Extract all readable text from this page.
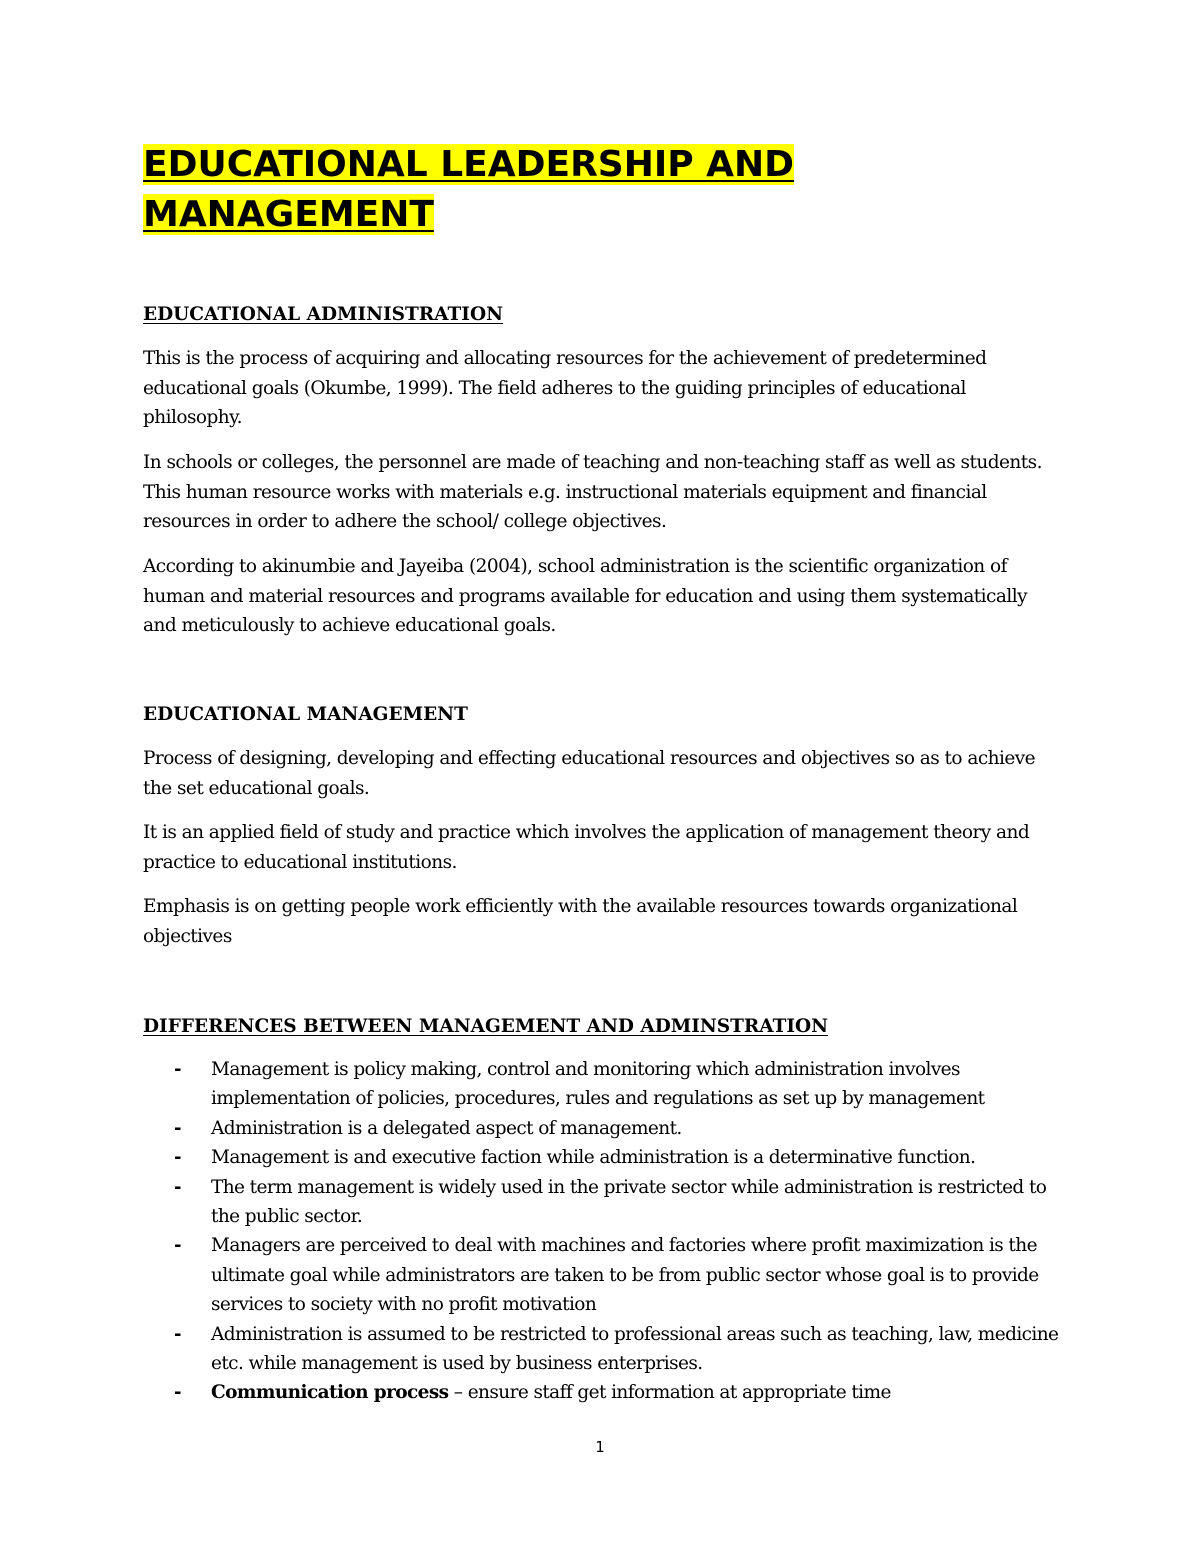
EDUCATIONAL LEADERSHIP AND MANAGEMENT
EDUCATIONAL ADMINISTRATION

This is the process of acquiring and allocating resources for the achievement of predetermined educational goals (Okumbe, 1999). The field adheres to the guiding principles of educational philosophy.

In schools or colleges, the personnel are made of teaching and non-teaching staff as well as students. This human resource works with materials e.g. instructional materials equipment and financial resources in order to adhere the school/ college objectives.

According to akinumbie and Jayeiba (2004), school administration is the scientific organization of human and material resources and programs available for education and using them systematically and meticulously to achieve educational goals.

EDUCATIONAL MANAGEMENT

Process of designing, developing and effecting educational resources and objectives so as to achieve the set educational goals.

It is an applied field of study and practice which involves the application of management theory and practice to educational institutions.

Emphasis is on getting people work efficiently with the available resources towards organizational objectives

DIFFERENCES BETWEEN MANAGEMENT AND ADMINSTRATION
- Management is policy making, control and monitoring which administration involves implementation of policies, procedures, rules and regulations as set up by management
- Administration is a delegated aspect of management.
- Management is and executive faction while administration is a determinative function.
- The term management is widely used in the private sector while administration is restricted to the public sector.
- Managers are perceived to deal with machines and factories where profit maximization is the ultimate goal while administrators are taken to be from public sector whose goal is to provide services to society with no profit motivation
- Administration is assumed to be restricted to professional areas such as teaching, law, medicine etc. while management is used by business enterprises.
- Communication process – ensure staff get information at appropriate time
1
